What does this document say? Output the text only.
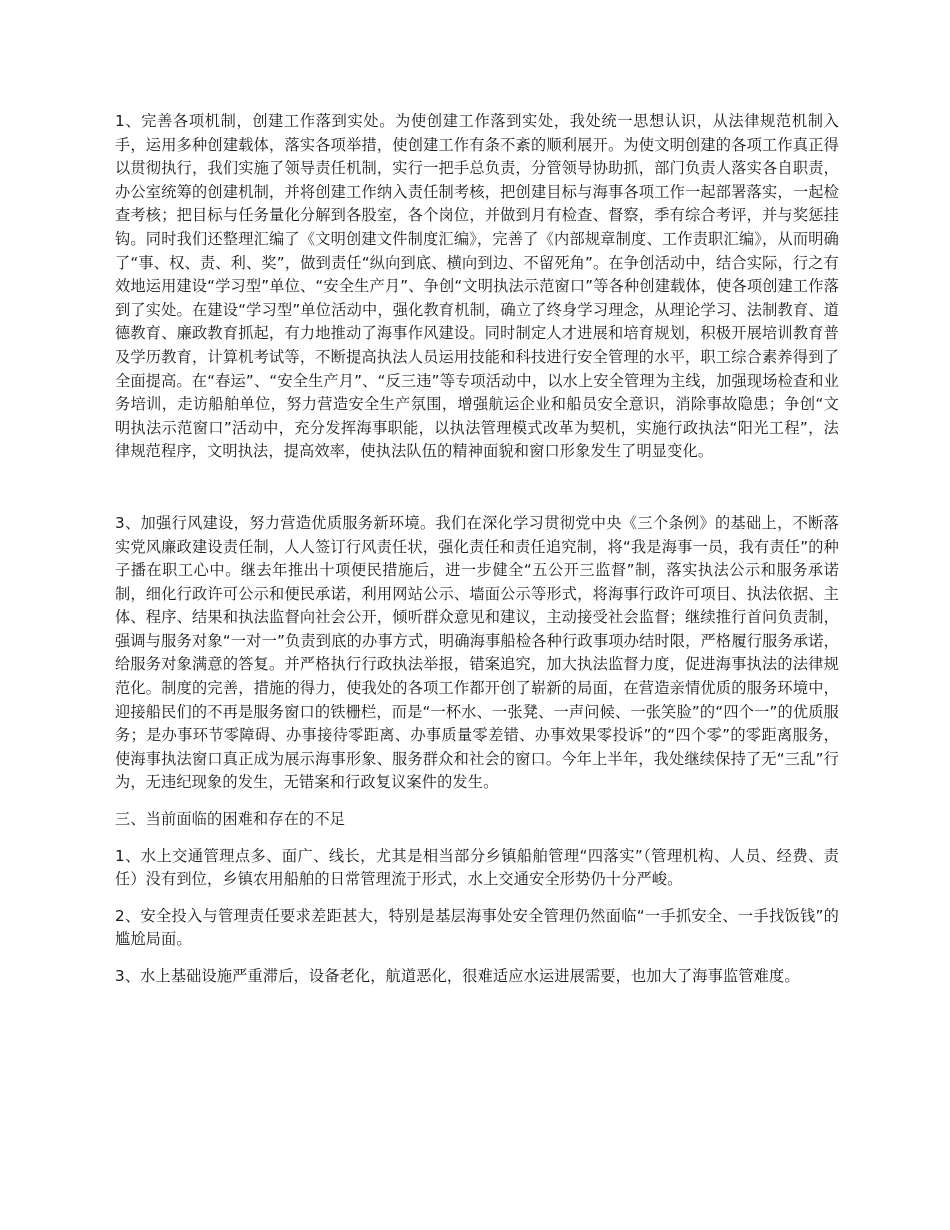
1、完善各项机制，创建工作落到实处。为使创建工作落到实处，我处统一思想认识，从法律规范机制入手，运用多种创建载体，落实各项举措，使创建工作有条不紊的顺利展开。为使文明创建的各项工作真正得以贯彻执行，我们实施了领导责任机制，实行一把手总负责，分管领导协助抓，部门负责人落实各自职责，办公室统筹的创建机制，并将创建工作纳入责任制考核，把创建目标与海事各项工作一起部署落实，一起检查考核；把目标与任务量化分解到各股室，各个岗位，并做到月有检查、督察，季有综合考评，并与奖惩挂钩。同时我们还整理汇编了《文明创建文件制度汇编》，完善了《内部规章制度、工作责职汇编》，从而明确了“事、权、责、利、奖”，做到责任“纵向到底、横向到边、不留死角”。在争创活动中，结合实际，行之有效地运用建设“学习型”单位、“安全生产月”、争创“文明执法示范窗口”等各种创建载体，使各项创建工作落到了实处。在建设“学习型”单位活动中，强化教育机制，确立了终身学习理念，从理论学习、法制教育、道德教育、廉政教育抓起，有力地推动了海事作风建设。同时制定人才进展和培育规划，积极开展培训教育普及学历教育，计算机考试等，不断提高执法人员运用技能和科技进行安全管理的水平，职工综合素养得到了全面提高。在“春运”、“安全生产月”、“反三违”等专项活动中，以水上安全管理为主线，加强现场检查和业务培训，走访船舶单位，努力营造安全生产氛围，增强航运企业和船员安全意识，消除事故隐患；争创“文明执法示范窗口”活动中，充分发挥海事职能，以执法管理模式改革为契机，实施行政执法“阳光工程”，法律规范程序，文明执法，提高效率，使执法队伍的精神面貌和窗口形象发生了明显变化。

3、加强行风建设，努力营造优质服务新环境。我们在深化学习贯彻党中央《三个条例》的基础上，不断落实党风廉政建设责任制，人人签订行风责任状，强化责任和责任追究制，将“我是海事一员，我有责任”的种子播在职工心中。继去年推出十项便民措施后，进一步健全“五公开三监督”制，落实执法公示和服务承诺制，细化行政许可公示和便民承诺，利用网站公示、墙面公示等形式，将海事行政许可项目、执法依据、主体、程序、结果和执法监督向社会公开，倾听群众意见和建议，主动接受社会监督；继续推行首问负责制，强调与服务对象“一对一”负责到底的办事方式，明确海事船检各种行政事项办结时限，严格履行服务承诺，给服务对象满意的答复。并严格执行行政执法举报，错案追究，加大执法监督力度，促进海事执法的法律规范化。制度的完善，措施的得力，使我处的各项工作都开创了崭新的局面，在营造亲情优质的服务环境中，迎接船民们的不再是服务窗口的铁栅栏，而是“一杯水、一张凳、一声问候、一张笑脸”的“四个一”的优质服务；是办事环节零障碍、办事接待零距离、办事质量零差错、办事效果零投诉”的“四个零”的零距离服务，使海事执法窗口真正成为展示海事形象、服务群众和社会的窗口。今年上半年，我处继续保持了无“三乱”行为，无违纪现象的发生，无错案和行政复议案件的发生。

三、当前面临的困难和存在的不足

1、水上交通管理点多、面广、线长，尤其是相当部分乡镇船舶管理“四落实”（管理机构、人员、经费、责任）没有到位，乡镇农用船舶的日常管理流于形式，水上交通安全形势仍十分严峻。

2、安全投入与管理责任要求差距甚大，特别是基层海事处安全管理仍然面临“一手抓安全、一手找饭钱”的尴尬局面。

3、水上基础设施严重滞后，设备老化，航道恶化，很难适应水运进展需要，也加大了海事监管难度。
